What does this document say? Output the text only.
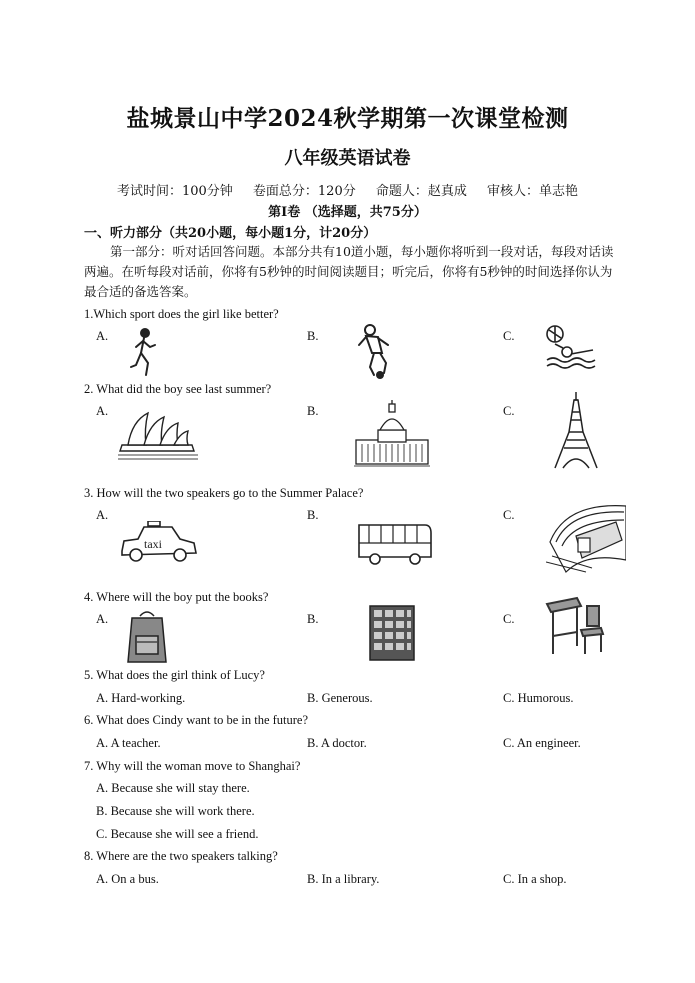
盐城景山中学2024秋学期第一次课堂检测
八年级英语试卷
考试时间：100分钟 卷面总分：120分 命题人：赵真成 审核人：单志艳
第Ⅰ卷 （选择题，共75分）
一、听力部分（共20小题，每小题1分，计20分）
第一部分：听对话回答问题。本部分共有10道小题，每小题你将听到一段对话，每段对话读两遍。在听每段对话前，你将有5秒钟的时间阅读题目；听完后，你将有5秒钟的时间选择你认为最合适的备选答案。
1.Which sport does the girl like better?
A.	B.	C.
2. What did the boy see last summer?
A.	B.	C.
3. How will the two speakers go to the Summer Palace?
A.	B.	C.
taxi
4. Where will the boy put the books?
A.	B.	C.
5. What does the girl think of Lucy?
A. Hard-working.	B. Generous.	C. Humorous.
6. What does Cindy want to be in the future?
A. A teacher.	B. A doctor.	C. An engineer.
7. Why will the woman move to Shanghai?
A. Because she will stay there.
B. Because she will work there.
C. Because she will see a friend.
8. Where are the two speakers talking?
A. On a bus.	B. In a library.	C. In a shop.
